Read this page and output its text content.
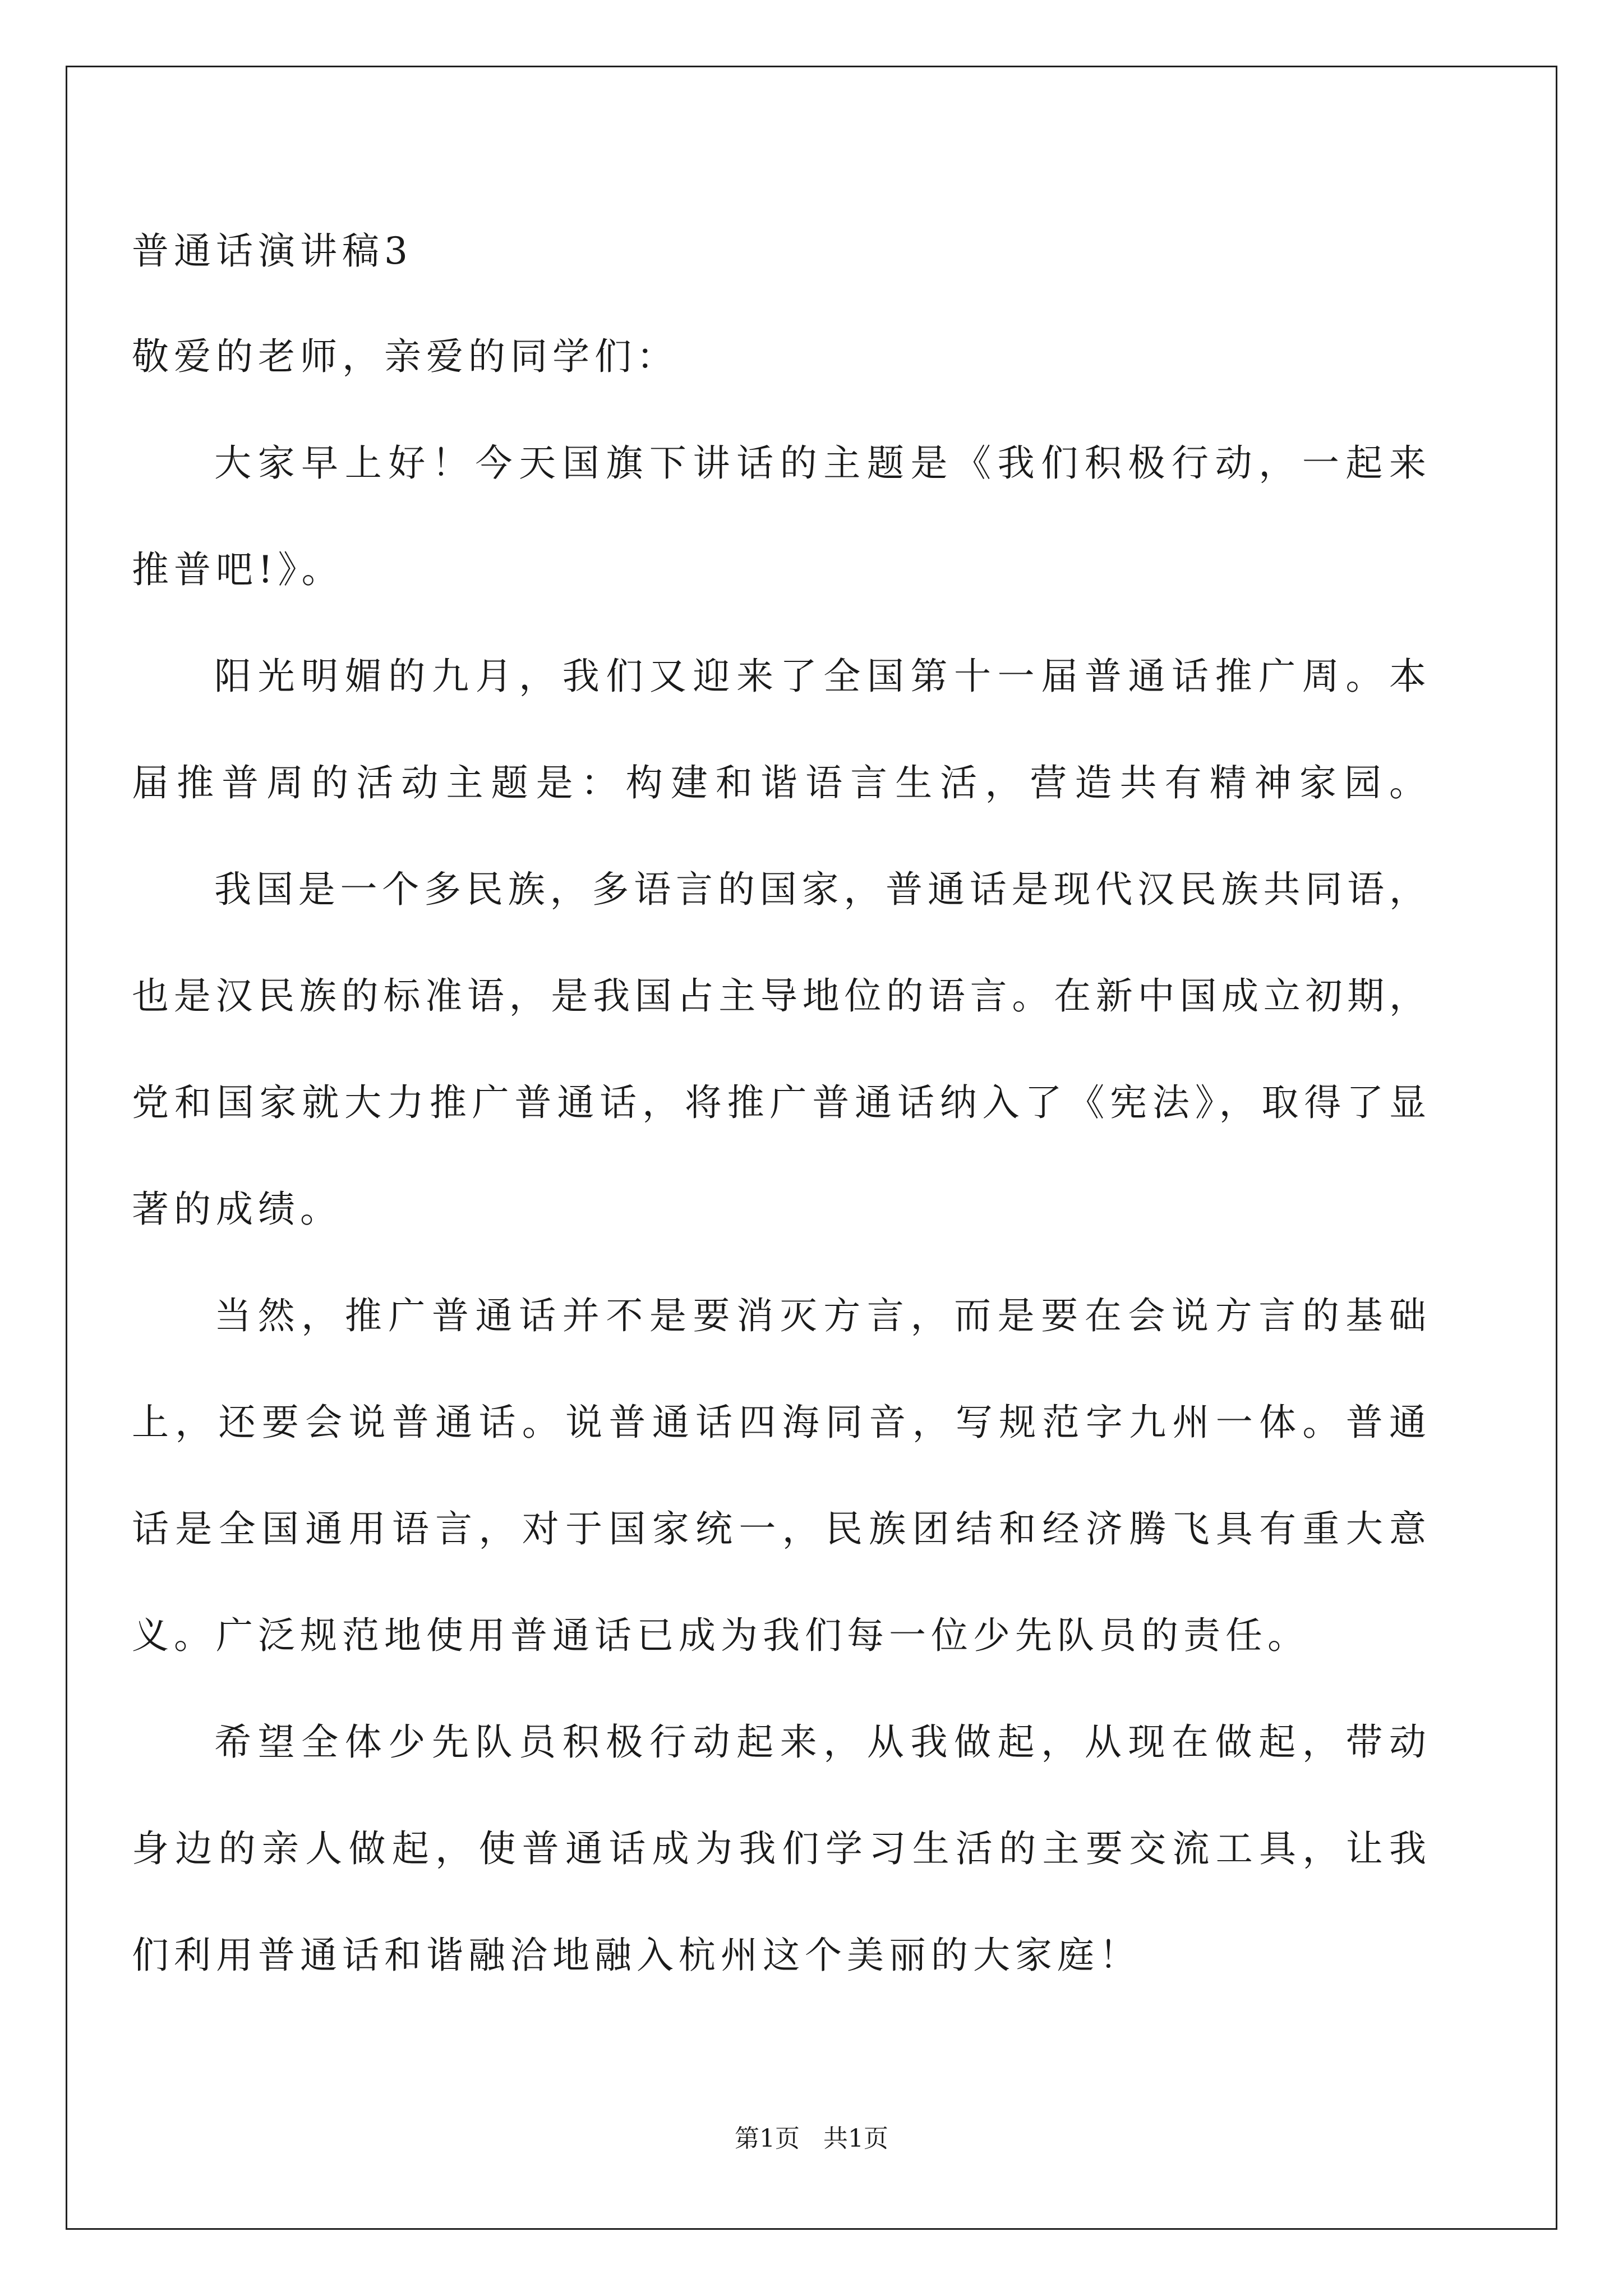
普通话演讲稿3
敬爱的老师，亲爱的同学们：
大家早上好！今天国旗下讲话的主题是《我们积极行动，一起来
推普吧!》。
阳光明媚的九月，我们又迎来了全国第十一届普通话推广周。本
届推普周的活动主题是：构建和谐语言生活，营造共有精神家园。
我国是一个多民族，多语言的国家，普通话是现代汉民族共同语，
也是汉民族的标准语，是我国占主导地位的语言。在新中国成立初期，
党和国家就大力推广普通话，将推广普通话纳入了《宪法》，取得了显
著的成绩。
当然，推广普通话并不是要消灭方言，而是要在会说方言的基础
上，还要会说普通话。说普通话四海同音，写规范字九州一体。普通
话是全国通用语言，对于国家统一，民族团结和经济腾飞具有重大意
义。广泛规范地使用普通话已成为我们每一位少先队员的责任。
希望全体少先队员积极行动起来，从我做起，从现在做起，带动
身边的亲人做起，使普通话成为我们学习生活的主要交流工具，让我
们利用普通话和谐融洽地融入杭州这个美丽的大家庭！
第1页   共1页
